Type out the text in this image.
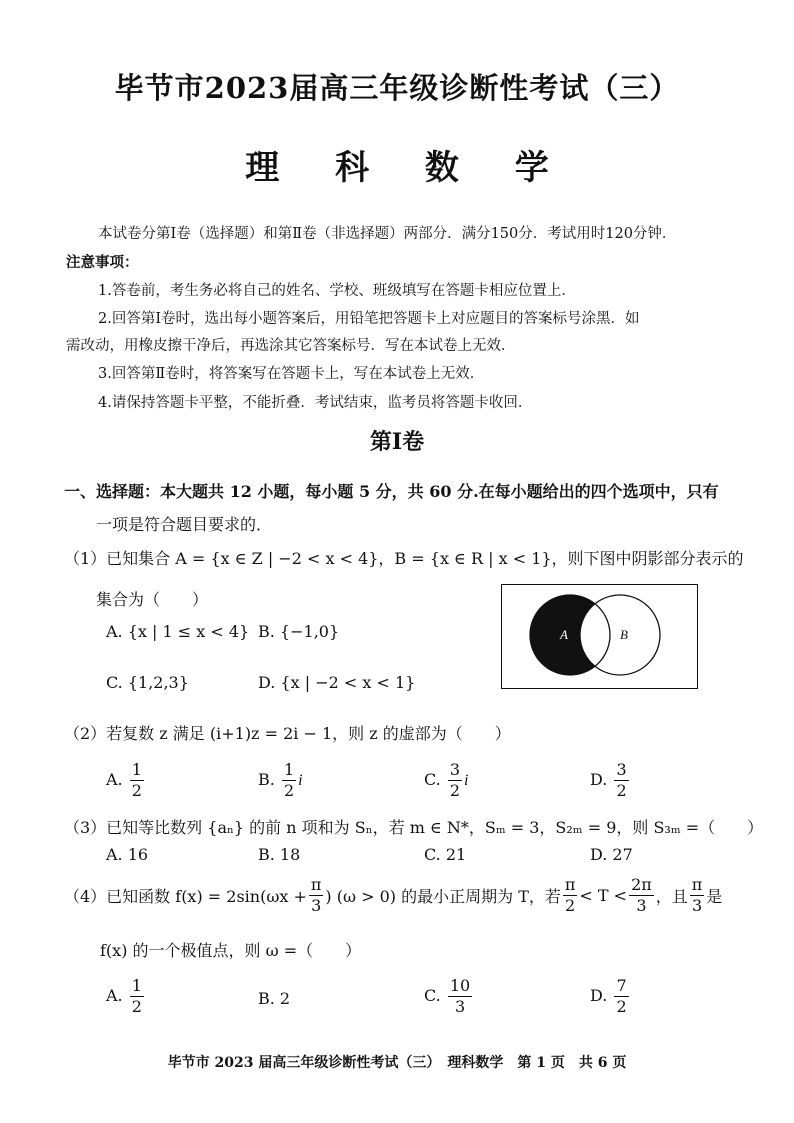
毕节市2023届高三年级诊断性考试（三）
理 科 数 学
本试卷分第Ⅰ卷（选择题）和第Ⅱ卷（非选择题）两部分．满分150分．考试用时120分钟．
注意事项：
1.答卷前，考生务必将自己的姓名、学校、班级填写在答题卡相应位置上．
2.回答第Ⅰ卷时，选出每小题答案后，用铅笔把答题卡上对应题目的答案标号涂黑．如
需改动，用橡皮擦干净后，再选涂其它答案标号．写在本试卷上无效．
3.回答第Ⅱ卷时，将答案写在答题卡上，写在本试卷上无效．
4.请保持答题卡平整，不能折叠．考试结束，监考员将答题卡收回．
第Ⅰ卷
一、选择题：本大题共 12 小题，每小题 5 分，共 60 分.在每小题给出的四个选项中，只有
一项是符合题目要求的．
（1）已知集合 A = {x ∈ Z | −2 < x < 4}，B = {x ∈ R | x < 1}，则下图中阴影部分表示的
集合为（　　）
A. {x | 1 ≤ x < 4} B. {−1,0}
C. {1,2,3}	D. {x | −2 < x < 1}
A	B
（2）若复数 z 满足 (i+1)z = 2i − 1，则 z 的虚部为（　　）
A. $\frac{1}{2}$	B. $\frac{1}{2}$ i	C. $\frac{3}{2}$ i	D. $\frac{3}{2}$
（3）已知等比数列 {aₙ} 的前 n 项和为 Sₙ，若 m ∈ N*，Sₘ = 3，S₂ₘ = 9，则 S₃ₘ =（　　）
A. 16	B. 18	C. 21	D. 27
（4）已知函数 $f(x) = 2\sin(\omega x + \frac{\pi}{3}$ ) (ω > 0) 的最小正周期为 T，若 $\frac{\pi}{2} < T < \frac{2\pi}{3}$ ，且 $\frac{\pi}{3}$ 是
f(x) 的一个极值点，则 ω =（　　）
A. $\frac{1}{2}$	B. 2	C. $\frac{10}{3}$	D. $\frac{7}{2}$
毕节市 2023 届高三年级诊断性考试（三）　理科数学　第 1 页　共 6 页
